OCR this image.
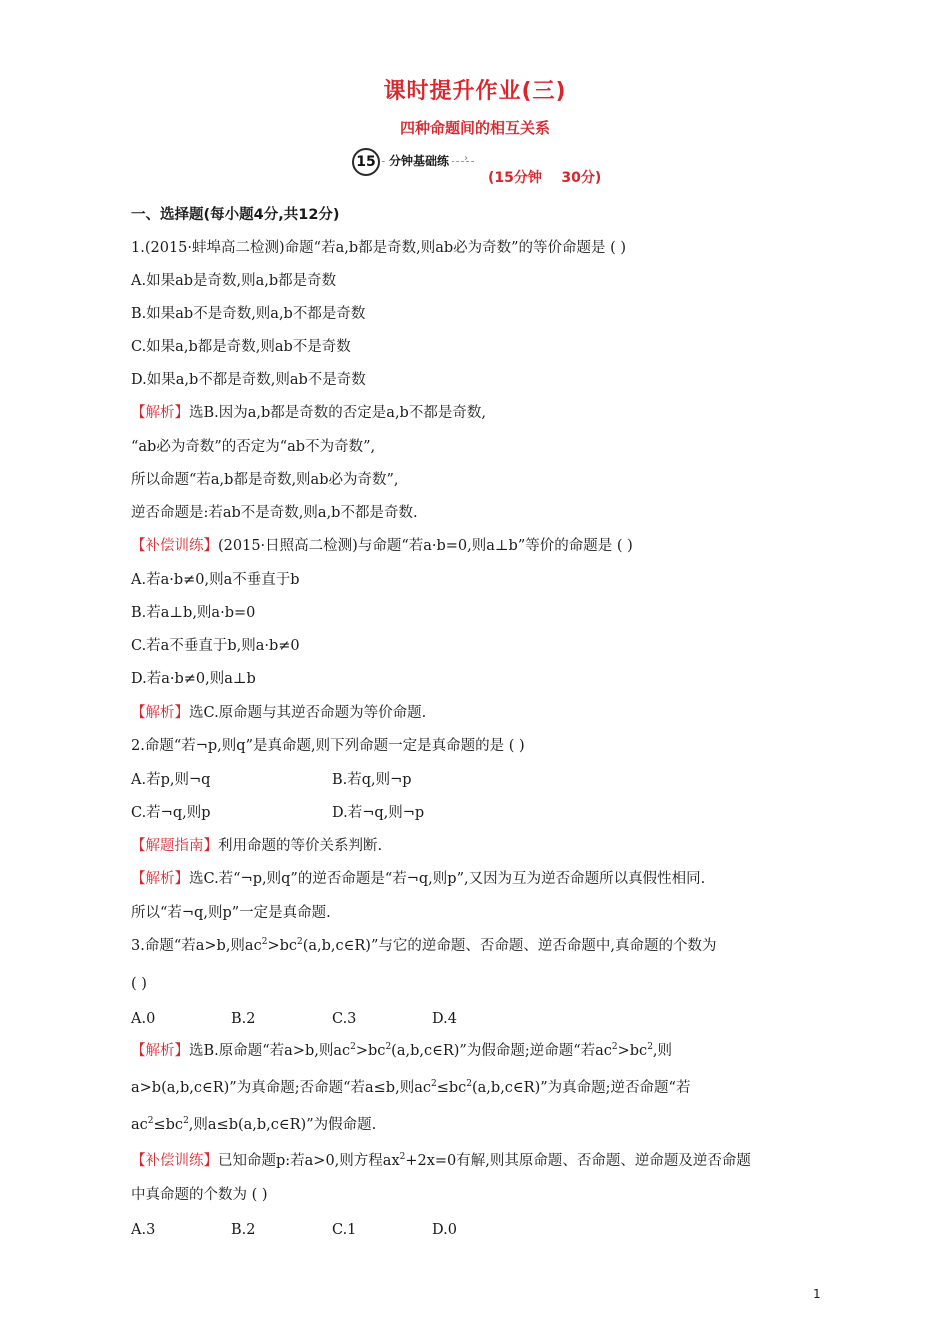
课时提升作业(三)
四种命题间的相互关系
15	分钟基础练	›
(15分钟    30分)
一、选择题(每小题4分,共12分)
1.(2015·蚌埠高二检测)命题“若a,b都是奇数,则ab必为奇数”的等价命题是 ( )
A.如果ab是奇数,则a,b都是奇数
B.如果ab不是奇数,则a,b不都是奇数
C.如果a,b都是奇数,则ab不是奇数
D.如果a,b不都是奇数,则ab不是奇数
【解析】选B.因为a,b都是奇数的否定是a,b不都是奇数,
“ab必为奇数”的否定为“ab不为奇数”,
所以命题“若a,b都是奇数,则ab必为奇数”,
逆否命题是:若ab不是奇数,则a,b不都是奇数.
【补偿训练】(2015·日照高二检测)与命题“若a·b=0,则a⊥b”等价的命题是 ( )
A.若a·b≠0,则a不垂直于b
B.若a⊥b,则a·b=0
C.若a不垂直于b,则a·b≠0
D.若a·b≠0,则a⊥b
【解析】选C.原命题与其逆否命题为等价命题.
2.命题“若¬p,则q”是真命题,则下列命题一定是真命题的是 ( )
A.若p,则¬q	B.若q,则¬p
C.若¬q,则p	D.若¬q,则¬p
【解题指南】利用命题的等价关系判断.
【解析】选C.若“¬p,则q”的逆否命题是“若¬q,则p”,又因为互为逆否命题所以真假性相同.
所以“若¬q,则p”一定是真命题.
3.命题“若a>b,则$ac^2>bc^2(a,b,c\in R)$”与它的逆命题、否命题、逆否命题中,真命题的个数为
( )
A.0	B.2	C.3	D.4
【解析】选B.原命题“若a>b,则$ac^2>bc^2(a,b,c\in R)$”为假命题;逆命题“若$ac^2>bc^2$,则
a>b(a,b,c∈R)”为真命题;否命题“若a≤b,则$ac^2\le bc^2(a,b,c\in R)$”为真命题;逆否命题“若
$ac^2\le bc^2$,则a≤b(a,b,c∈R)”为假命题.
【补偿训练】已知命题p:若a>0,则方程$ax^2+2x=0$有解,则其原命题、否命题、逆命题及逆否命题
中真命题的个数为 ( )
A.3	B.2	C.1	D.0
1
